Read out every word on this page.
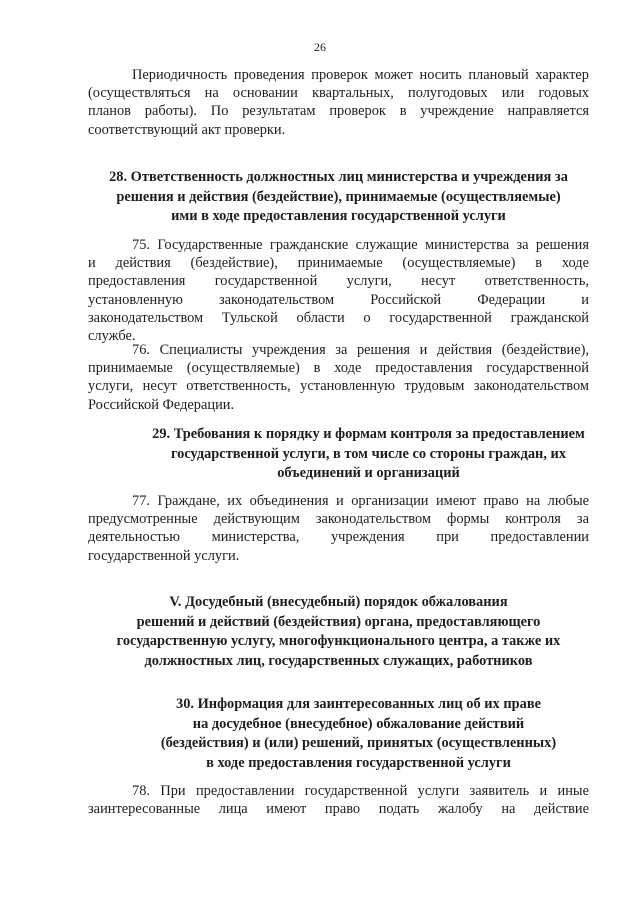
26
Периодичность проведения проверок может носить плановый характер
(осуществляться на основании квартальных, полугодовых или годовых
планов работы). По результатам проверок в учреждение направляется
соответствующий акт проверки.
28. Ответственность должностных лиц министерства и учреждения за
решения и действия (бездействие), принимаемые (осуществляемые)
ими в ходе предоставления государственной услуги
75. Государственные гражданские служащие министерства за решения
и действия (бездействие), принимаемые (осуществляемые) в ходе
предоставления государственной услуги, несут ответственность,
установленную законодательством Российской Федерации и
законодательством Тульской области о государственной гражданской
службе.
76. Специалисты учреждения за решения и действия (бездействие),
принимаемые (осуществляемые) в ходе предоставления государственной
услуги, несут ответственность, установленную трудовым законодательством
Российской Федерации.
29. Требования к порядку и формам контроля за предоставлением
государственной услуги, в том числе со стороны граждан, их
объединений и организаций
77. Граждане, их объединения и организации имеют право на любые
предусмотренные действующим законодательством формы контроля за
деятельностью министерства, учреждения при предоставлении
государственной услуги.
V. Досудебный (внесудебный) порядок обжалования
решений и действий (бездействия) органа, предоставляющего
государственную услугу, многофункционального центра, а также их
должностных лиц, государственных служащих, работников
30. Информация для заинтересованных лиц об их праве
на досудебное (внесудебное) обжалование действий
(бездействия) и (или) решений, принятых (осуществленных)
в ходе предоставления государственной услуги
78. При предоставлении государственной услуги заявитель и иные
заинтересованные лица имеют право подать жалобу на действие
